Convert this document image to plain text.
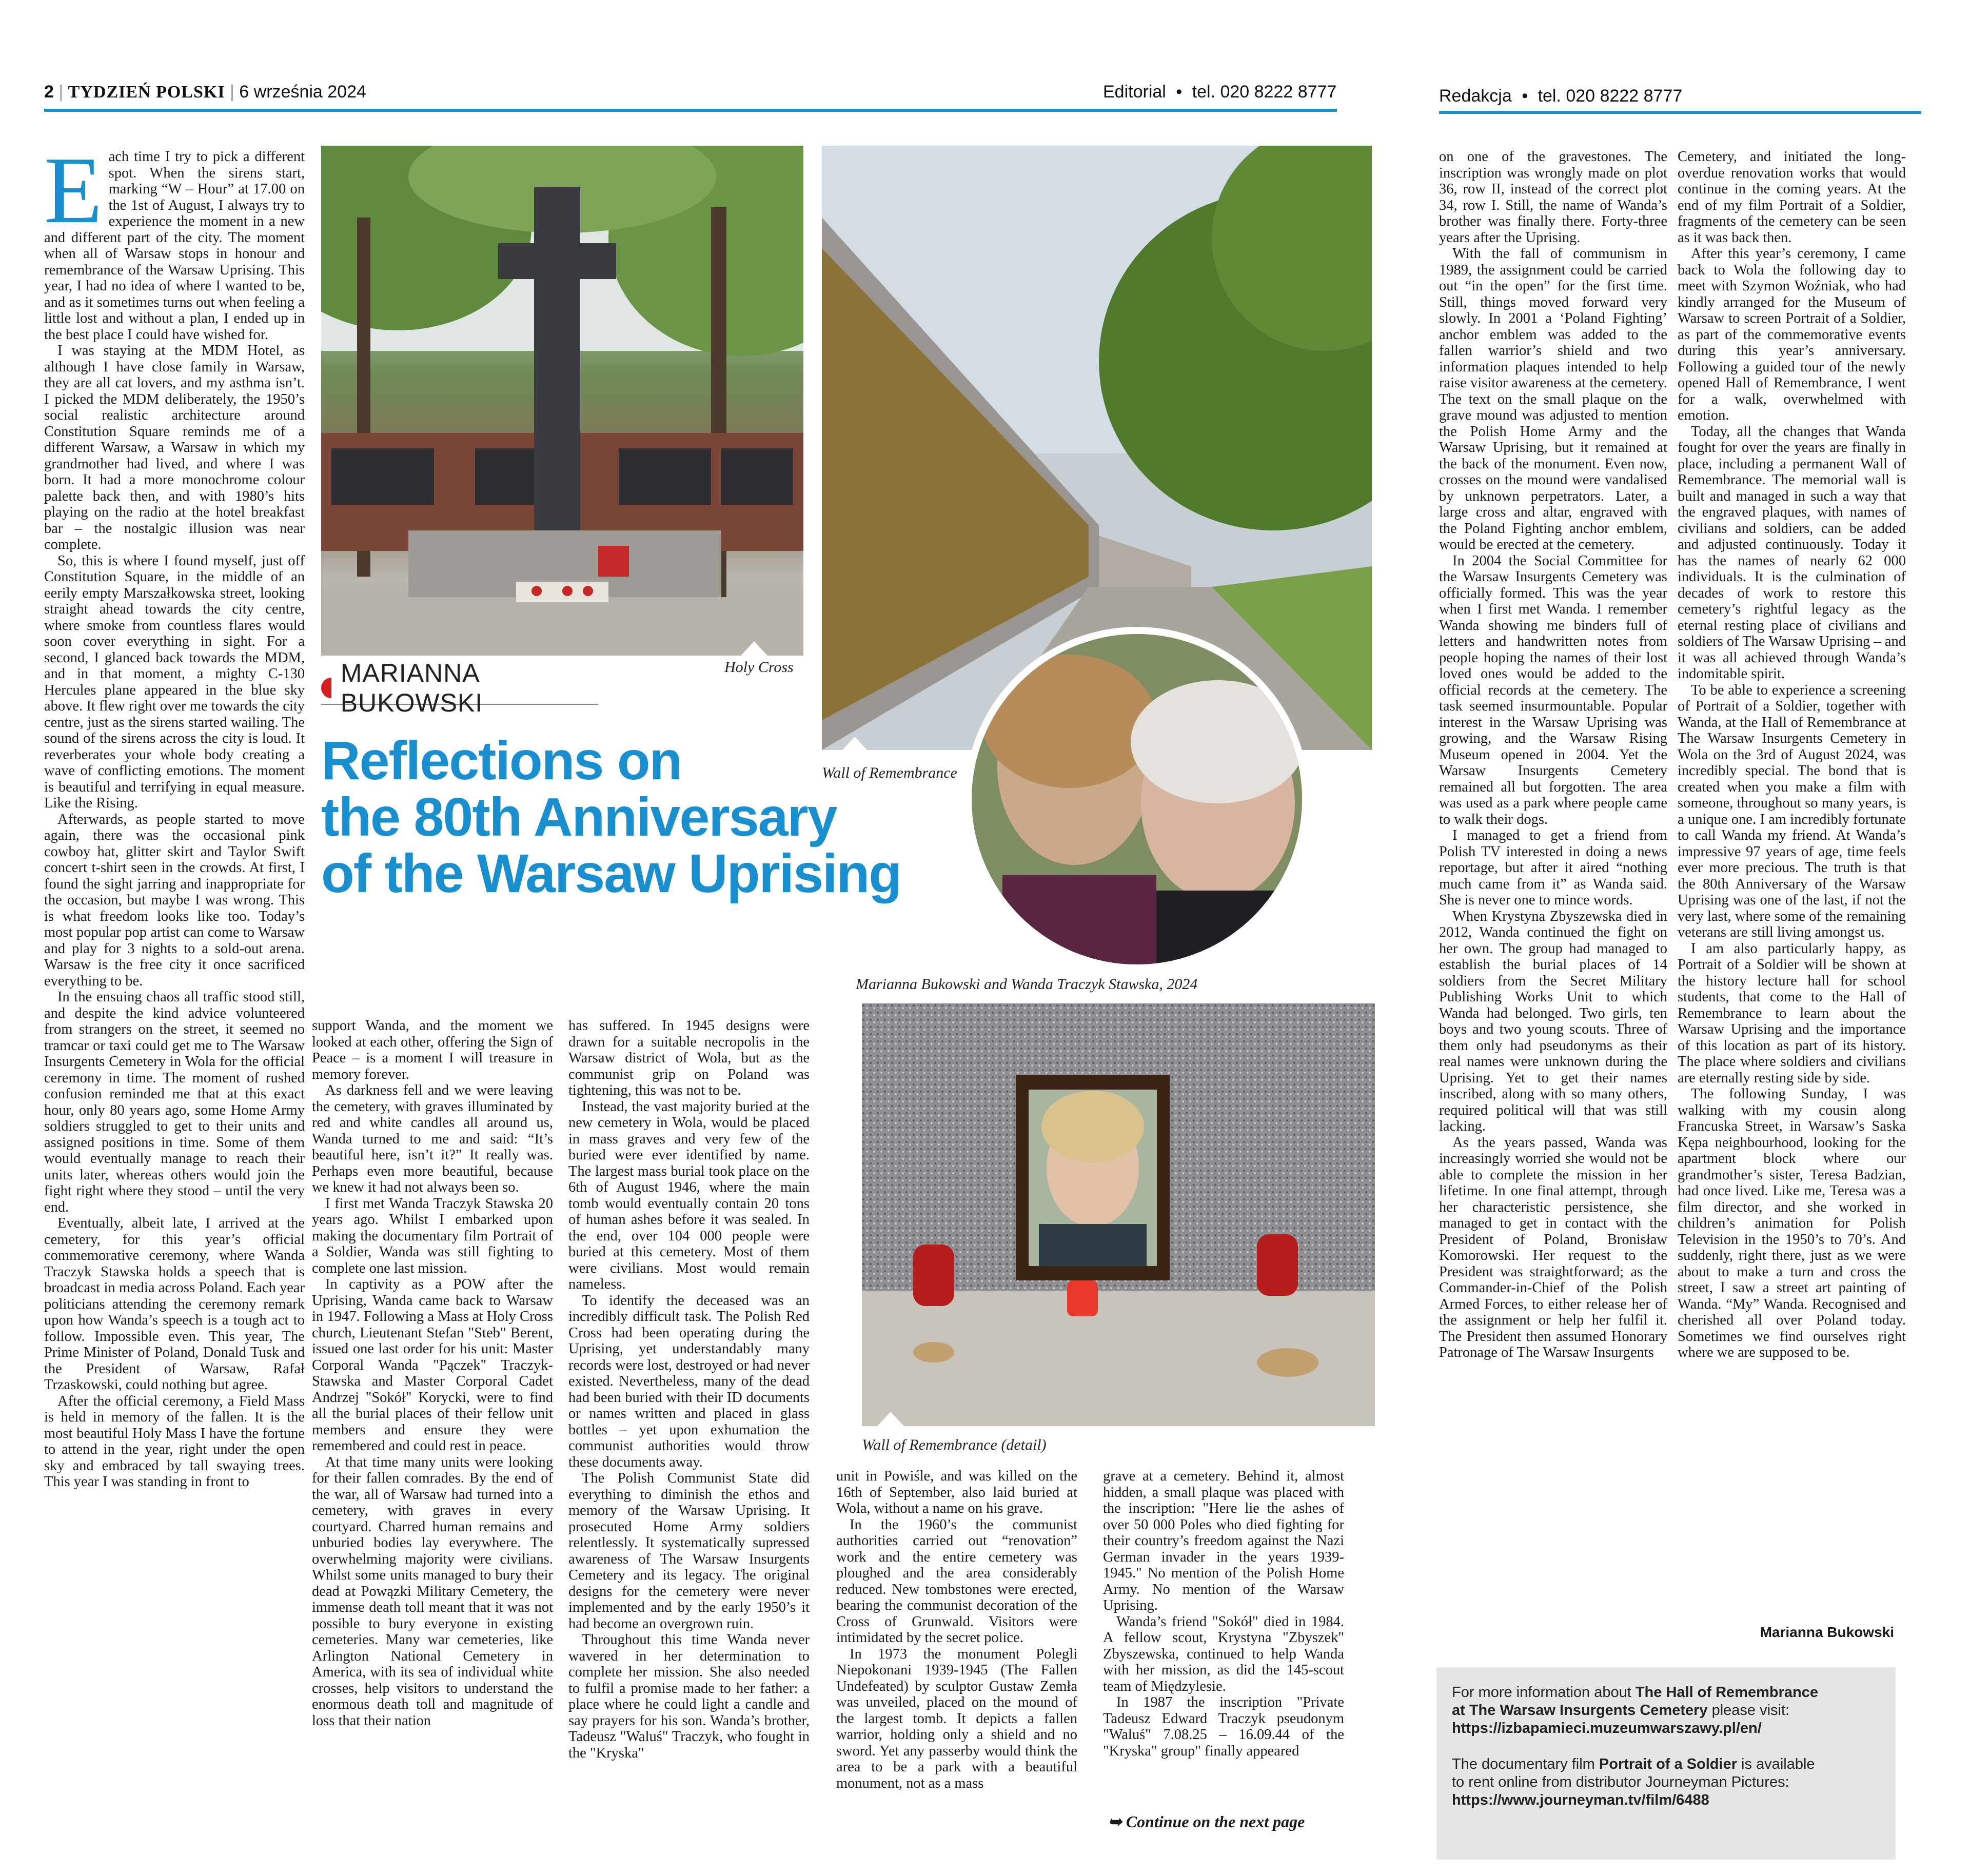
2 | TYDZIEŃ POLSKI | 6 września 2024	Editorial • tel. 020 8222 8777	Redakcja • tel. 020 8222 8777
Holy Cross
Wall of Remembrance
Marianna Bukowski and Wanda Traczyk Stawska, 2024
Wall of Remembrance (detail)
MARIANNA BUKOWSKI
Reflections on
the 80th Anniversary
of the Warsaw Uprising
E ach time I try to pick a different spot. When the sirens start, marking “W – Hour” at 17.00 on the 1st of August, I always try to experience the moment in a new and different part of the city. The moment when all of Warsaw stops in honour and remembrance of the Warsaw Uprising. This year, I had no idea of where I wanted to be, and as it sometimes turns out when feeling a little lost and without a plan, I ended up in the best place I could have wished for.

I was staying at the MDM Hotel, as although I have close family in Warsaw, they are all cat lovers, and my asthma isn’t. I picked the MDM deliberately, the 1950’s social realistic architecture around Constitution Square reminds me of a different Warsaw, a Warsaw in which my grandmother had lived, and where I was born. It had a more monochrome colour palette back then, and with 1980’s hits playing on the radio at the hotel breakfast bar – the nostalgic illusion was near complete.

So, this is where I found myself, just off Constitution Square, in the middle of an eerily empty Marszałkowska street, looking straight ahead towards the city centre, where smoke from countless flares would soon cover everything in sight. For a second, I glanced back towards the MDM, and in that moment, a mighty C-130 Hercules plane appeared in the blue sky above. It flew right over me towards the city centre, just as the sirens started wailing. The sound of the sirens across the city is loud. It reverberates your whole body creating a wave of conflicting emotions. The moment is beautiful and terrifying in equal measure. Like the Rising.

Afterwards, as people started to move again, there was the occasional pink cowboy hat, glitter skirt and Taylor Swift concert t-shirt seen in the crowds. At first, I found the sight jarring and inappropriate for the occasion, but maybe I was wrong. This is what freedom looks like too. Today’s most popular pop artist can come to Warsaw and play for 3 nights to a sold-out arena. Warsaw is the free city it once sacrificed everything to be.

In the ensuing chaos all traffic stood still, and despite the kind advice volunteered from strangers on the street, it seemed no tramcar or taxi could get me to The Warsaw Insurgents Cemetery in Wola for the official ceremony in time. The moment of rushed confusion reminded me that at this exact hour, only 80 years ago, some Home Army soldiers struggled to get to their units and assigned positions in time. Some of them would eventually manage to reach their units later, whereas others would join the fight right where they stood – until the very end.

Eventually, albeit late, I arrived at the cemetery, for this year’s official commemorative ceremony, where Wanda Traczyk Stawska holds a speech that is broadcast in media across Poland. Each year politicians attending the ceremony remark upon how Wanda’s speech is a tough act to follow. Impossible even. This year, The Prime Minister of Poland, Donald Tusk and the President of Warsaw, Rafał Trzaskowski, could nothing but agree.

After the official ceremony, a Field Mass is held in memory of the fallen. It is the most beautiful Holy Mass I have the fortune to attend in the year, right under the open sky and embraced by tall swaying trees. This year I was standing in front to

support Wanda, and the moment we looked at each other, offering the Sign of Peace – is a moment I will treasure in memory forever.

As darkness fell and we were leaving the cemetery, with graves illuminated by red and white candles all around us, Wanda turned to me and said: “It’s beautiful here, isn’t it?” It really was. Perhaps even more beautiful, because we knew it had not always been so.

I first met Wanda Traczyk Stawska 20 years ago. Whilst I embarked upon making the documentary film Portrait of a Soldier, Wanda was still fighting to complete one last mission.

In captivity as a POW after the Uprising, Wanda came back to Warsaw in 1947. Following a Mass at Holy Cross church, Lieutenant Stefan "Steb" Berent, issued one last order for his unit: Master Corporal Wanda "Pączek" Traczyk-Stawska and Master Corporal Cadet Andrzej "Sokół" Korycki, were to find all the burial places of their fellow unit members and ensure they were remembered and could rest in peace.

At that time many units were looking for their fallen comrades. By the end of the war, all of Warsaw had turned into a cemetery, with graves in every courtyard. Charred human remains and unburied bodies lay everywhere. The overwhelming majority were civilians. Whilst some units managed to bury their dead at Powązki Military Cemetery, the immense death toll meant that it was not possible to bury everyone in existing cemeteries. Many war cemeteries, like Arlington National Cemetery in America, with its sea of individual white crosses, help visitors to understand the enormous death toll and magnitude of loss that their nation

has suffered. In 1945 designs were drawn for a suitable necropolis in the Warsaw district of Wola, but as the communist grip on Poland was tightening, this was not to be.

Instead, the vast majority buried at the new cemetery in Wola, would be placed in mass graves and very few of the buried were ever identified by name. The largest mass burial took place on the 6th of August 1946, where the main tomb would eventually contain 20 tons of human ashes before it was sealed. In the end, over 104 000 people were buried at this cemetery. Most of them were civilians. Most would remain nameless.

To identify the deceased was an incredibly difficult task. The Polish Red Cross had been operating during the Uprising, yet understandably many records were lost, destroyed or had never existed. Nevertheless, many of the dead had been buried with their ID documents or names written and placed in glass bottles – yet upon exhumation the communist authorities would throw these documents away.

The Polish Communist State did everything to diminish the ethos and memory of the Warsaw Uprising. It prosecuted Home Army soldiers relentlessly. It systematically supressed awareness of The Warsaw Insurgents Cemetery and its legacy. The original designs for the cemetery were never implemented and by the early 1950’s it had become an overgrown ruin.

Throughout this time Wanda never wavered in her determination to complete her mission. She also needed to fulfil a promise made to her father: a place where he could light a candle and say prayers for his son. Wanda’s brother, Tadeusz "Waluś" Traczyk, who fought in the "Kryska"

unit in Powiśle, and was killed on the 16th of September, also laid buried at Wola, without a name on his grave.

In the 1960’s the communist authorities carried out “renovation” work and the entire cemetery was ploughed and the area considerably reduced. New tombstones were erected, bearing the communist decoration of the Cross of Grunwald. Visitors were intimidated by the secret police.

In 1973 the monument Polegli Niepokonani 1939-1945 (The Fallen Undefeated) by sculptor Gustaw Zemła was unveiled, placed on the mound of the largest tomb. It depicts a fallen warrior, holding only a shield and no sword. Yet any passerby would think the area to be a park with a beautiful monument, not as a mass

grave at a cemetery. Behind it, almost hidden, a small plaque was placed with the inscription: "Here lie the ashes of over 50 000 Poles who died fighting for their country’s freedom against the Nazi German invader in the years 1939-1945." No mention of the Polish Home Army. No mention of the Warsaw Uprising.

Wanda’s friend "Sokół" died in 1984. A fellow scout, Krystyna "Zbyszek" Zbyszewska, continued to help Wanda with her mission, as did the 145-scout team of Międzylesie.

In 1987 the inscription "Private Tadeusz Edward Traczyk pseudonym "Waluś" 7.08.25 – 16.09.44 of the "Kryska" group" finally appeared

on one of the gravestones. The inscription was wrongly made on plot 36, row II, instead of the correct plot 34, row I. Still, the name of Wanda’s brother was finally there. Forty-three years after the Uprising.

With the fall of communism in 1989, the assignment could be carried out “in the open” for the first time. Still, things moved forward very slowly. In 2001 a ‘Poland Fighting’ anchor emblem was added to the fallen warrior’s shield and two information plaques intended to help raise visitor awareness at the cemetery. The text on the small plaque on the grave mound was adjusted to mention the Polish Home Army and the Warsaw Uprising, but it remained at the back of the monument. Even now, crosses on the mound were vandalised by unknown perpetrators. Later, a large cross and altar, engraved with the Poland Fighting anchor emblem, would be erected at the cemetery.

In 2004 the Social Committee for the Warsaw Insurgents Cemetery was officially formed. This was the year when I first met Wanda. I remember Wanda showing me binders full of letters and handwritten notes from people hoping the names of their lost loved ones would be added to the official records at the cemetery. The task seemed insurmountable. Popular interest in the Warsaw Uprising was growing, and the Warsaw Rising Museum opened in 2004. Yet the Warsaw Insurgents Cemetery remained all but forgotten. The area was used as a park where people came to walk their dogs.

I managed to get a friend from Polish TV interested in doing a news reportage, but after it aired “nothing much came from it” as Wanda said. She is never one to mince words.

When Krystyna Zbyszewska died in 2012, Wanda continued the fight on her own. The group had managed to establish the burial places of 14 soldiers from the Secret Military Publishing Works Unit to which Wanda had belonged. Two girls, ten boys and two young scouts. Three of them only had pseudonyms as their real names were unknown during the Uprising. Yet to get their names inscribed, along with so many others, required political will that was still lacking.

As the years passed, Wanda was increasingly worried she would not be able to complete the mission in her lifetime. In one final attempt, through her characteristic persistence, she managed to get in contact with the President of Poland, Bronisław Komorowski. Her request to the President was straightforward; as the Commander-in-Chief of the Polish Armed Forces, to either release her of the assignment or help her fulfil it. The President then assumed Honorary Patronage of The Warsaw Insurgents

Cemetery, and initiated the long-overdue renovation works that would continue in the coming years. At the end of my film Portrait of a Soldier, fragments of the cemetery can be seen as it was back then.

After this year’s ceremony, I came back to Wola the following day to meet with Szymon Woźniak, who had kindly arranged for the Museum of Warsaw to screen Portrait of a Soldier, as part of the commemorative events during this year’s anniversary. Following a guided tour of the newly opened Hall of Remembrance, I went for a walk, overwhelmed with emotion.

Today, all the changes that Wanda fought for over the years are finally in place, including a permanent Wall of Remembrance. The memorial wall is built and managed in such a way that the engraved plaques, with names of civilians and soldiers, can be added and adjusted continuously. Today it has the names of nearly 62 000 individuals. It is the culmination of decades of work to restore this cemetery’s rightful legacy as the eternal resting place of civilians and soldiers of The Warsaw Uprising – and it was all achieved through Wanda’s indomitable spirit.

To be able to experience a screening of Portrait of a Soldier, together with Wanda, at the Hall of Remembrance at The Warsaw Insurgents Cemetery in Wola on the 3rd of August 2024, was incredibly special. The bond that is created when you make a film with someone, throughout so many years, is a unique one. I am incredibly fortunate to call Wanda my friend. At Wanda’s impressive 97 years of age, time feels ever more precious. The truth is that the 80th Anniversary of the Warsaw Uprising was one of the last, if not the very last, where some of the remaining veterans are still living amongst us.

I am also particularly happy, as Portrait of a Soldier will be shown at the history lecture hall for school students, that come to the Hall of Remembrance to learn about the Warsaw Uprising and the importance of this location as part of its history. The place where soldiers and civilians are eternally resting side by side.

The following Sunday, I was walking with my cousin along Francuska Street, in Warsaw’s Saska Kępa neighbourhood, looking for the apartment block where our grandmother’s sister, Teresa Badzian, had once lived. Like me, Teresa was a film director, and she worked in children’s animation for Polish Television in the 1950’s to 70’s. And suddenly, right there, just as we were about to make a turn and cross the street, I saw a street art painting of Wanda. “My” Wanda. Recognised and cherished all over Poland today. Sometimes we find ourselves right where we are supposed to be.

Marianna Bukowski
➥ Continue on the next page
For more information about The Hall of Remembrance
at The Warsaw Insurgents Cemetery please visit:
https://izbapamieci.muzeumwarszawy.pl/en/
The documentary film Portrait of a Soldier is available
to rent online from distributor Journeyman Pictures:
https://www.journeyman.tv/film/6488
